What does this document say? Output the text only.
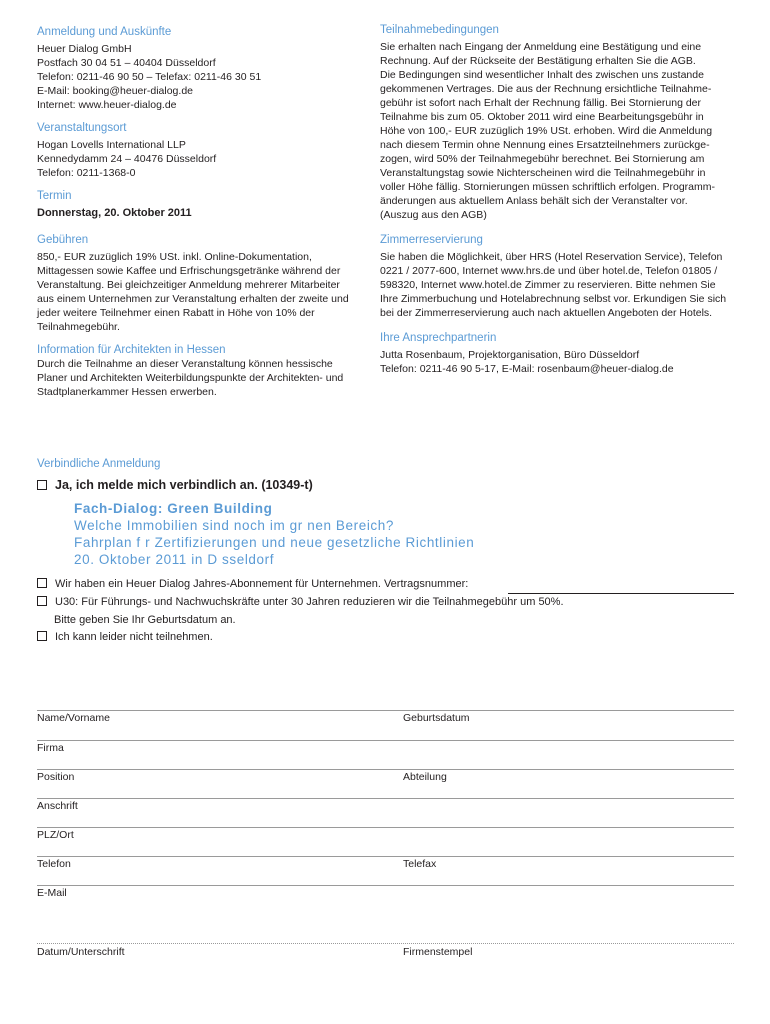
Anmeldung und Auskünfte
Heuer Dialog GmbH
Postfach 30 04 51 – 40404 Düsseldorf
Telefon: 0211-46 90 50 – Telefax: 0211-46 30 51
E-Mail: booking@heuer-dialog.de
Internet: www.heuer-dialog.de
Veranstaltungsort
Hogan Lovells International LLP
Kennedydamm 24 – 40476 Düsseldorf
Telefon: 0211-1368-0
Termin
Donnerstag, 20. Oktober 2011
Gebühren
850,- EUR zuzüglich 19% USt. inkl. Online-Dokumentation,
Mittagessen sowie Kaffee und Erfrischungsgetränke während der
Veranstaltung. Bei gleichzeitiger Anmeldung mehrerer Mitarbeiter
aus einem Unternehmen zur Veranstaltung erhalten der zweite und
jeder weitere Teilnehmer einen Rabatt in Höhe von 10% der
Teilnahmegebühr.
Information für Architekten in Hessen
Durch die Teilnahme an dieser Veranstaltung können hessische
Planer und Architekten Weiterbildungspunkte der Architekten- und
Stadtplanerkammer Hessen erwerben.
Teilnahmebedingungen
Sie erhalten nach Eingang der Anmeldung eine Bestätigung und eine
Rechnung. Auf der Rückseite der Bestätigung erhalten Sie die AGB.
Die Bedingungen sind wesentlicher Inhalt des zwischen uns zustande
gekommenen Vertrages. Die aus der Rechnung ersichtliche Teilnahme-
gebühr ist sofort nach Erhalt der Rechnung fällig. Bei Stornierung der
Teilnahme bis zum 05. Oktober 2011 wird eine Bearbeitungsgebühr in
Höhe von 100,- EUR zuzüglich 19% USt. erhoben. Wird die Anmeldung
nach diesem Termin ohne Nennung eines Ersatzteilnehmers zurückge-
zogen, wird 50% der Teilnahmegebühr berechnet. Bei Stornierung am
Veranstaltungstag sowie Nichterscheinen wird die Teilnahmegebühr in
voller Höhe fällig. Stornierungen müssen schriftlich erfolgen. Programm-
änderungen aus aktuellem Anlass behält sich der Veranstalter vor.
(Auszug aus den AGB)
Zimmerreservierung
Sie haben die Möglichkeit, über HRS (Hotel Reservation Service), Telefon
0221 / 2077-600, Internet www.hrs.de und über hotel.de, Telefon 01805 /
598320, Internet www.hotel.de Zimmer zu reservieren. Bitte nehmen Sie
Ihre Zimmerbuchung und Hotelabrechnung selbst vor. Erkundigen Sie sich
bei der Zimmerreservierung auch nach aktuellen Angeboten der Hotels.
Ihre Ansprechpartnerin
Jutta Rosenbaum, Projektorganisation, Büro Düsseldorf
Telefon: 0211-46 90 5-17, E-Mail: rosenbaum@heuer-dialog.de
Verbindliche Anmeldung
Ja, ich melde mich verbindlich an. (10349-t)
Fach-Dialog: Green Building
Welche Immobilien sind noch im gr nen Bereich?
Fahrplan f r Zertifizierungen und neue gesetzliche Richtlinien
20. Oktober 2011 in D sseldorf
Wir haben ein Heuer Dialog Jahres-Abonnement für Unternehmen. Vertragsnummer:
U30: Für Führungs- und Nachwuchskräfte unter 30 Jahren reduzieren wir die Teilnahmegebühr um 50%.
Bitte geben Sie Ihr Geburtsdatum an.
Ich kann leider nicht teilnehmen.
Name/Vorname	Geburtsdatum
Firma
Position	Abteilung
Anschrift
PLZ/Ort
Telefon	Telefax
E-Mail
Datum/Unterschrift	Firmenstempel
